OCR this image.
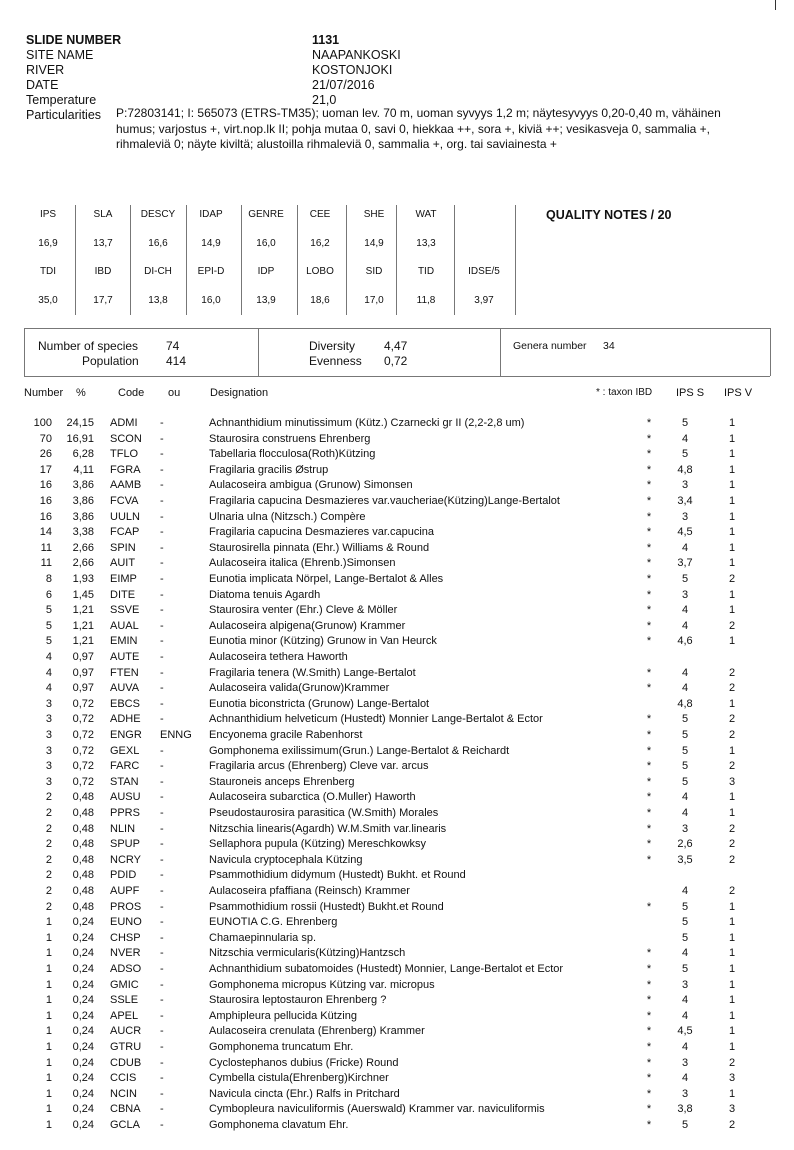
SLIDE NUMBER	1131
SITE NAME	NAAPANKOSKI
RIVER	KOSTONJOKI
DATE	21/07/2016
Temperature	21,0
Particularities P:72803141; I: 565073 (ETRS-TM35); uoman lev. 70 m, uoman syvyys 1,2 m; näytesyvyys 0,20-0,40 m, vähäinen humus; varjostus +, virt.nop.lk II; pohja mutaa 0, savi 0, hiekkaa ++, sora +, kiviä ++; vesikasveja 0, sammalia +, rihmaleviä 0; näyte kiviltä; alustoilla rihmaleviä 0, sammalia +, org. tai saviainesta +
IPS	SLA	DESCY	IDAP	GENRE	CEE	SHE	WAT
16,9	13,7	16,6	14,9	16,0	16,2	14,9	13,3
TDI	IBD	DI-CH	EPI-D	IDP	LOBO	SID	TID	IDSE/5
35,0	17,7	13,8	16,0	13,9	18,6	17,0	11,8	3,97
QUALITY NOTES / 20
Number of species 74
Population 414
Diversity 4,47
Evenness 0,72
Genera number 34
Number %	Code ou	Designation	* : taxon IBD IPS S IPS V
100	24,15 ADMI -	Achnanthidium minutissimum (Kütz.) Czarnecki gr II (2,2-2,8 um)	*	5	1
70	16,91 SCON -	Staurosira construens Ehrenberg	*	4	1
26	6,28 TFLO -	Tabellaria flocculosa(Roth)Kützing	*	5	1
17	4,11 FGRA -	Fragilaria gracilis Østrup	*	4,8	1
16	3,86 AAMB -	Aulacoseira ambigua (Grunow) Simonsen	*	3	1
16	3,86 FCVA -	Fragilaria capucina Desmazieres var.vaucheriae(Kützing)Lange-Bertalot	*	3,4	1
16	3,86 UULN -	Ulnaria ulna (Nitzsch.) Compère	*	3	1
14	3,38 FCAP -	Fragilaria capucina Desmazieres var.capucina	*	4,5	1
11	2,66 SPIN -	Staurosirella pinnata (Ehr.) Williams & Round	*	4	1
11	2,66 AUIT -	Aulacoseira italica (Ehrenb.)Simonsen	*	3,7	1
8	1,93 EIMP -	Eunotia implicata Nörpel, Lange-Bertalot & Alles	*	5	2
6	1,45 DITE -	Diatoma tenuis Agardh	*	3	1
5	1,21 SSVE -	Staurosira venter (Ehr.) Cleve & Möller	*	4	1
5	1,21 AUAL -	Aulacoseira alpigena(Grunow) Krammer	*	4	2
5	1,21 EMIN -	Eunotia minor (Kützing) Grunow in Van Heurck	*	4,6	1
4	0,97 AUTE -	Aulacoseira tethera Haworth
4	0,97 FTEN -	Fragilaria tenera (W.Smith) Lange-Bertalot	*	4	2
4	0,97 AUVA -	Aulacoseira valida(Grunow)Krammer	*	4	2
3	0,72 EBCS -	Eunotia biconstricta (Grunow) Lange-Bertalot	4,8	1
3	0,72 ADHE -	Achnanthidium helveticum (Hustedt) Monnier Lange-Bertalot & Ector	*	5	2
3	0,72 ENGR ENNG Encyonema gracile Rabenhorst	*	5	2
3	0,72 GEXL -	Gomphonema exilissimum(Grun.) Lange-Bertalot & Reichardt	*	5	1
3	0,72 FARC -	Fragilaria arcus (Ehrenberg) Cleve var. arcus	*	5	2
3	0,72 STAN -	Stauroneis anceps Ehrenberg	*	5	3
2	0,48 AUSU -	Aulacoseira subarctica (O.Muller) Haworth	*	4	1
2	0,48 PPRS -	Pseudostaurosira parasitica (W.Smith) Morales	*	4	1
2	0,48 NLIN -	Nitzschia linearis(Agardh) W.M.Smith var.linearis	*	3	2
2	0,48 SPUP -	Sellaphora pupula (Kützing) Mereschkowksy	*	2,6	2
2	0,48 NCRY -	Navicula cryptocephala Kützing	*	3,5	2
2	0,48 PDID -	Psammothidium didymum (Hustedt) Bukht. et Round
2	0,48 AUPF -	Aulacoseira pfaffiana (Reinsch) Krammer	4	2
2	0,48 PROS -	Psammothidium rossii (Hustedt) Bukht.et Round	*	5	1
1	0,24 EUNO -	EUNOTIA C.G. Ehrenberg	5	1
1	0,24 CHSP -	Chamaepinnularia sp.	5	1
1	0,24 NVER -	Nitzschia vermicularis(Kützing)Hantzsch	*	4	1
1	0,24 ADSO -	Achnanthidium subatomoides (Hustedt) Monnier, Lange-Bertalot et Ector	*	5	1
1	0,24 GMIC -	Gomphonema micropus Kützing var. micropus	*	3	1
1	0,24 SSLE -	Staurosira leptostauron Ehrenberg ?	*	4	1
1	0,24 APEL -	Amphipleura pellucida Kützing	*	4	1
1	0,24 AUCR -	Aulacoseira crenulata (Ehrenberg) Krammer	*	4,5	1
1	0,24 GTRU -	Gomphonema truncatum Ehr.	*	4	1
1	0,24 CDUB -	Cyclostephanos dubius (Fricke) Round	*	3	2
1	0,24 CCIS -	Cymbella cistula(Ehrenberg)Kirchner	*	4	3
1	0,24 NCIN -	Navicula cincta (Ehr.) Ralfs in Pritchard	*	3	1
1	0,24 CBNA -	Cymbopleura naviculiformis (Auerswald) Krammer var. naviculiformis	*	3,8	3
1	0,24 GCLA -	Gomphonema clavatum Ehr.	*	5	2
